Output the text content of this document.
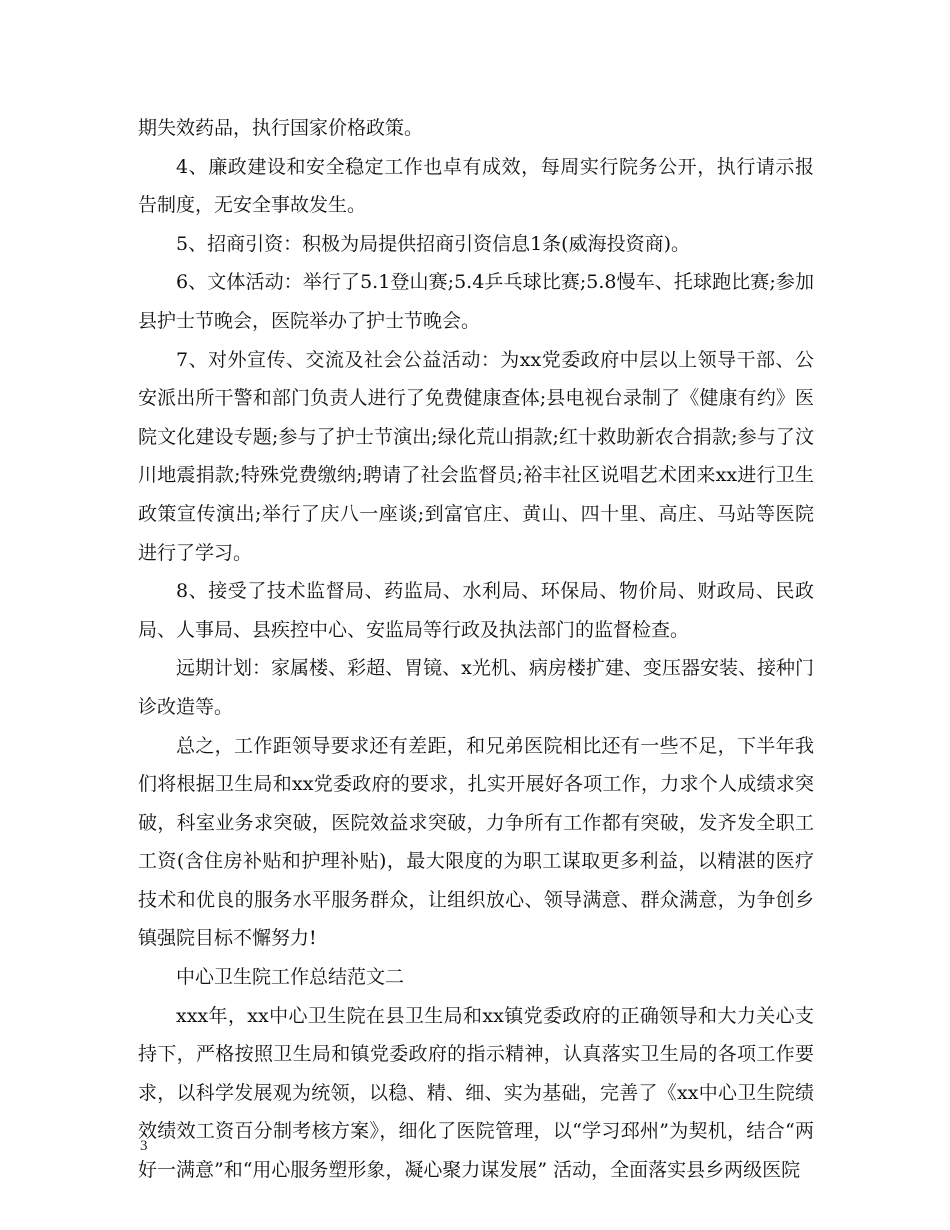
期失效药品，执行国家价格政策。

4、廉政建设和安全稳定工作也卓有成效，每周实行院务公开，执行请示报告制度，无安全事故发生。

5、招商引资：积极为局提供招商引资信息1条(威海投资商)。

6、文体活动：举行了5.1登山赛;5.4乒乓球比赛;5.8慢车、托球跑比赛;参加县护士节晚会，医院举办了护士节晚会。

7、对外宣传、交流及社会公益活动：为xx党委政府中层以上领导干部、公安派出所干警和部门负责人进行了免费健康查体;县电视台录制了《健康有约》医院文化建设专题;参与了护士节演出;绿化荒山捐款;红十救助新农合捐款;参与了汶川地震捐款;特殊党费缴纳;聘请了社会监督员;裕丰社区说唱艺术团来xx进行卫生政策宣传演出;举行了庆八一座谈;到富官庄、黄山、四十里、高庄、马站等医院进行了学习。

8、接受了技术监督局、药监局、水利局、环保局、物价局、财政局、民政局、人事局、县疾控中心、安监局等行政及执法部门的监督检查。

远期计划：家属楼、彩超、胃镜、x光机、病房楼扩建、变压器安装、接种门诊改造等。

总之，工作距领导要求还有差距，和兄弟医院相比还有一些不足，下半年我们将根据卫生局和xx党委政府的要求，扎实开展好各项工作，力求个人成绩求突破，科室业务求突破，医院效益求突破，力争所有工作都有突破，发齐发全职工工资(含住房补贴和护理补贴)，最大限度的为职工谋取更多利益，以精湛的医疗技术和优良的服务水平服务群众，让组织放心、领导满意、群众满意，为争创乡镇强院目标不懈努力!

中心卫生院工作总结范文二

xxx年，xx中心卫生院在县卫生局和xx镇党委政府的正确领导和大力关心支持下，严格按照卫生局和镇党委政府的指示精神，认真落实卫生局的各项工作要求，以科学发展观为统领，以稳、精、细、实为基础，完善了《xx中心卫生院绩效绩效工资百分制考核方案》，细化了医院管理，以“学习邳州”为契机，结合“两好一满意”和“用心服务塑形象，凝心聚力谋发展” 活动，全面落实县乡两级医院

3
